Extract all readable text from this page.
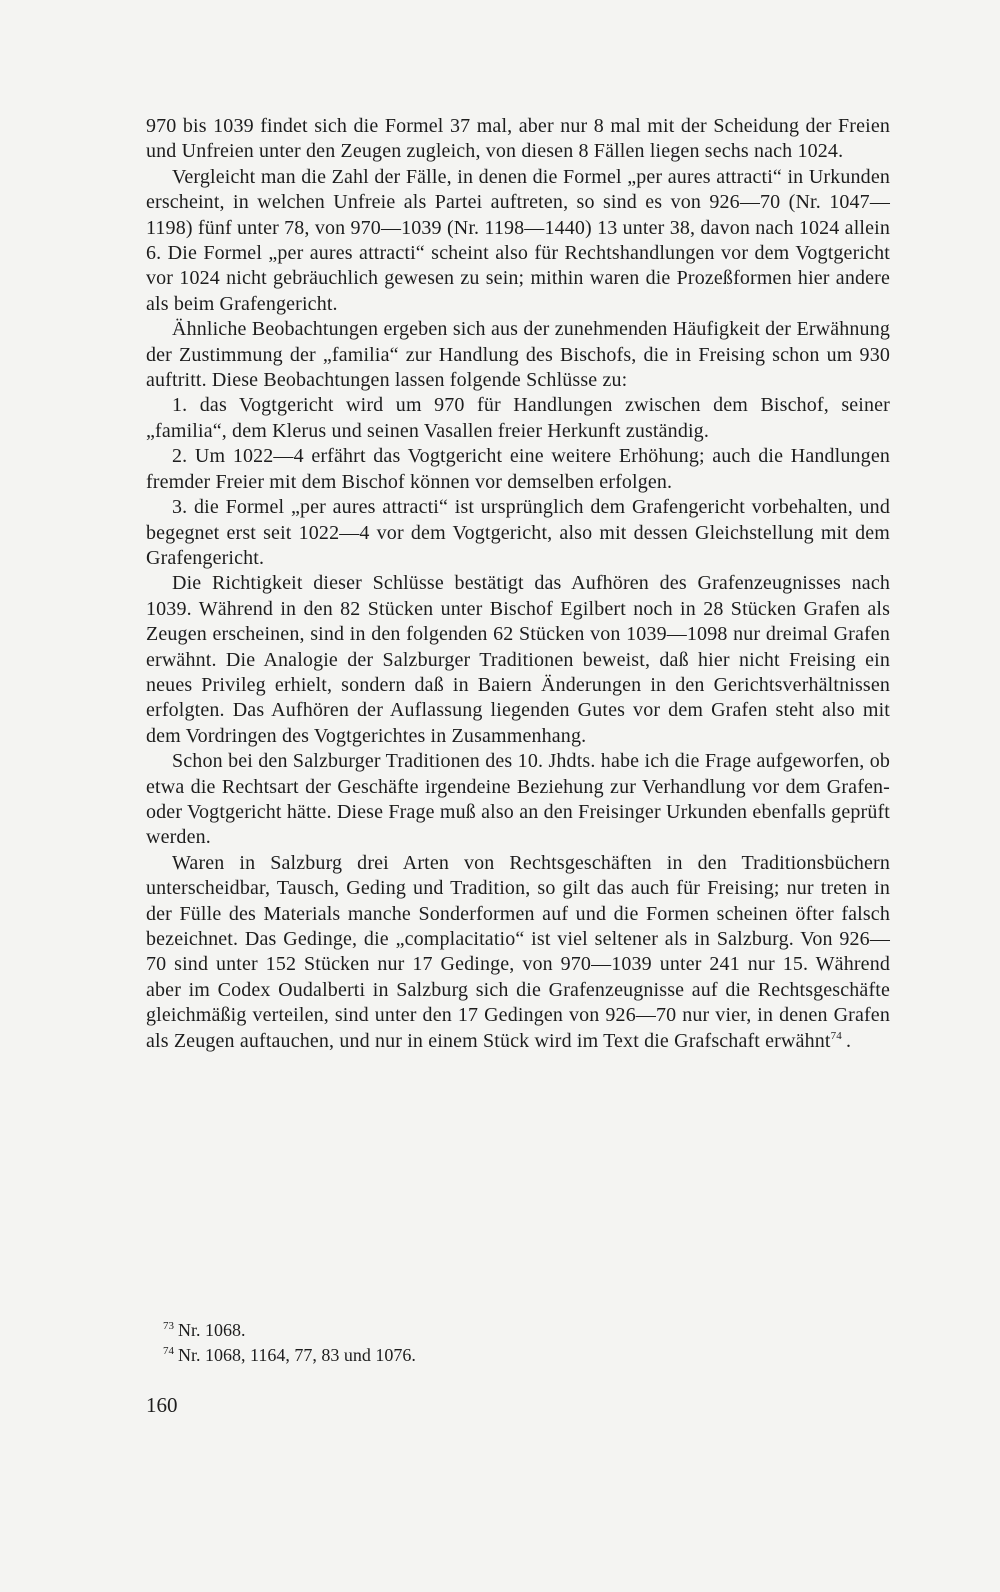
970 bis 1039 findet sich die Formel 37 mal, aber nur 8 mal mit der Scheidung der Freien und Unfreien unter den Zeugen zugleich, von diesen 8 Fällen liegen sechs nach 1024.

Vergleicht man die Zahl der Fälle, in denen die Formel „per aures attracti“ in Urkunden erscheint, in welchen Unfreie als Partei auftreten, so sind es von 926—70 (Nr. 1047—1198) fünf unter 78, von 970—1039 (Nr. 1198—1440) 13 unter 38, davon nach 1024 allein 6. Die Formel „per aures attracti“ scheint also für Rechtshandlungen vor dem Vogtgericht vor 1024 nicht gebräuchlich gewesen zu sein; mithin waren die Prozeßformen hier andere als beim Grafengericht.

Ähnliche Beobachtungen ergeben sich aus der zunehmenden Häufigkeit der Erwähnung der Zustimmung der „familia“ zur Handlung des Bischofs, die in Freising schon um 930 auftritt. Diese Beobachtungen lassen folgende Schlüsse zu:

1. das Vogtgericht wird um 970 für Handlungen zwischen dem Bischof, seiner „familia“, dem Klerus und seinen Vasallen freier Herkunft zuständig.

2. Um 1022—4 erfährt das Vogtgericht eine weitere Erhöhung; auch die Handlungen fremder Freier mit dem Bischof können vor demselben erfolgen.

3. die Formel „per aures attracti“ ist ursprünglich dem Grafengericht vorbehalten, und begegnet erst seit 1022—4 vor dem Vogtgericht, also mit dessen Gleichstellung mit dem Grafengericht.

Die Richtigkeit dieser Schlüsse bestätigt das Aufhören des Grafenzeugnisses nach 1039. Während in den 82 Stücken unter Bischof Egilbert noch in 28 Stücken Grafen als Zeugen erscheinen, sind in den folgenden 62 Stücken von 1039—1098 nur dreimal Grafen erwähnt. Die Analogie der Salzburger Traditionen beweist, daß hier nicht Freising ein neues Privileg erhielt, sondern daß in Baiern Änderungen in den Gerichtsverhältnissen erfolgten. Das Aufhören der Auflassung liegenden Gutes vor dem Grafen steht also mit dem Vordringen des Vogtgerichtes in Zusammenhang.

Schon bei den Salzburger Traditionen des 10. Jhdts. habe ich die Frage aufgeworfen, ob etwa die Rechtsart der Geschäfte irgendeine Beziehung zur Verhandlung vor dem Grafen- oder Vogtgericht hätte. Diese Frage muß also an den Freisinger Urkunden ebenfalls geprüft werden.

Waren in Salzburg drei Arten von Rechtsgeschäften in den Traditionsbüchern unterscheidbar, Tausch, Geding und Tradition, so gilt das auch für Freising; nur treten in der Fülle des Materials manche Sonderformen auf und die Formen scheinen öfter falsch bezeichnet. Das Gedinge, die „complacitatio“ ist viel seltener als in Salzburg. Von 926—70 sind unter 152 Stücken nur 17 Gedinge, von 970—1039 unter 241 nur 15. Während aber im Codex Oudalberti in Salzburg sich die Grafenzeugnisse auf die Rechtsgeschäfte gleichmäßig verteilen, sind unter den 17 Gedingen von 926—70 nur vier, in denen Grafen als Zeugen auftauchen, und nur in einem Stück wird im Text die Grafschaft erwähnt$^{74}$ .

$^{73}$ Nr. 1068.

$^{74}$ Nr. 1068, 1164, 77, 83 und 1076.

160
